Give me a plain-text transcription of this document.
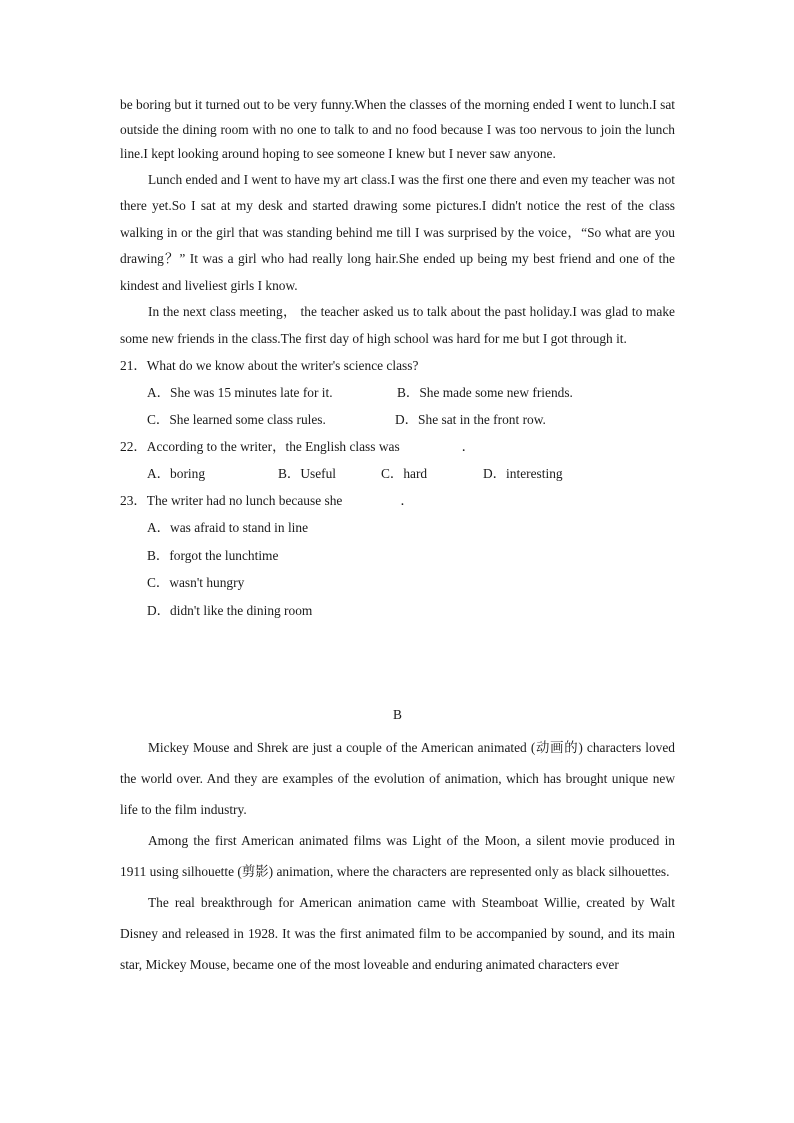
be boring but it turned out to be very funny.When the classes of the morning ended I went to lunch.I sat outside the dining room with no one to talk to and no food because I was too nervous to join the lunch line.I kept looking around hoping to see someone I knew but I never saw anyone.

Lunch ended and I went to have my art class.I was the first one there and even my teacher was not there yet.So I sat at my desk and started drawing some pictures.I didn't notice the rest of the class walking in or the girl that was standing behind me till I was surprised by the voice，“So what are you drawing？” It was a girl who had really long hair.She ended up being my best friend and one of the kindest and liveliest girls I know.

In the next class meeting， the teacher asked us to talk about the past holiday.I was glad to make some new friends in the class.The first day of high school was hard for me but I got through it.

21．What do we know about the writer's science class?

A．She was 15 minutes late for it.	B．She made some new friends.
C．She learned some class rules.	D．She sat in the front row.

22．According to the writer，the English class was	．

A．boring	B．Useful	C．hard	D．interesting

23．The writer had no lunch because she	．

A．was afraid to stand in line

B．forgot the lunchtime

C．wasn't hungry

D．didn't like the dining room

B

Mickey Mouse and Shrek are just a couple of the American animated (动画的) characters loved the world over. And they are examples of the evolution of animation, which has brought unique new life to the film industry.

Among the first American animated films was Light of the Moon, a silent movie produced in 1911 using silhouette (剪影) animation, where the characters are represented only as black silhouettes.

The real breakthrough for American animation came with Steamboat Willie, created by Walt Disney and released in 1928. It was the first animated film to be accompanied by sound, and its main star, Mickey Mouse, became one of the most loveable and enduring animated characters ever
